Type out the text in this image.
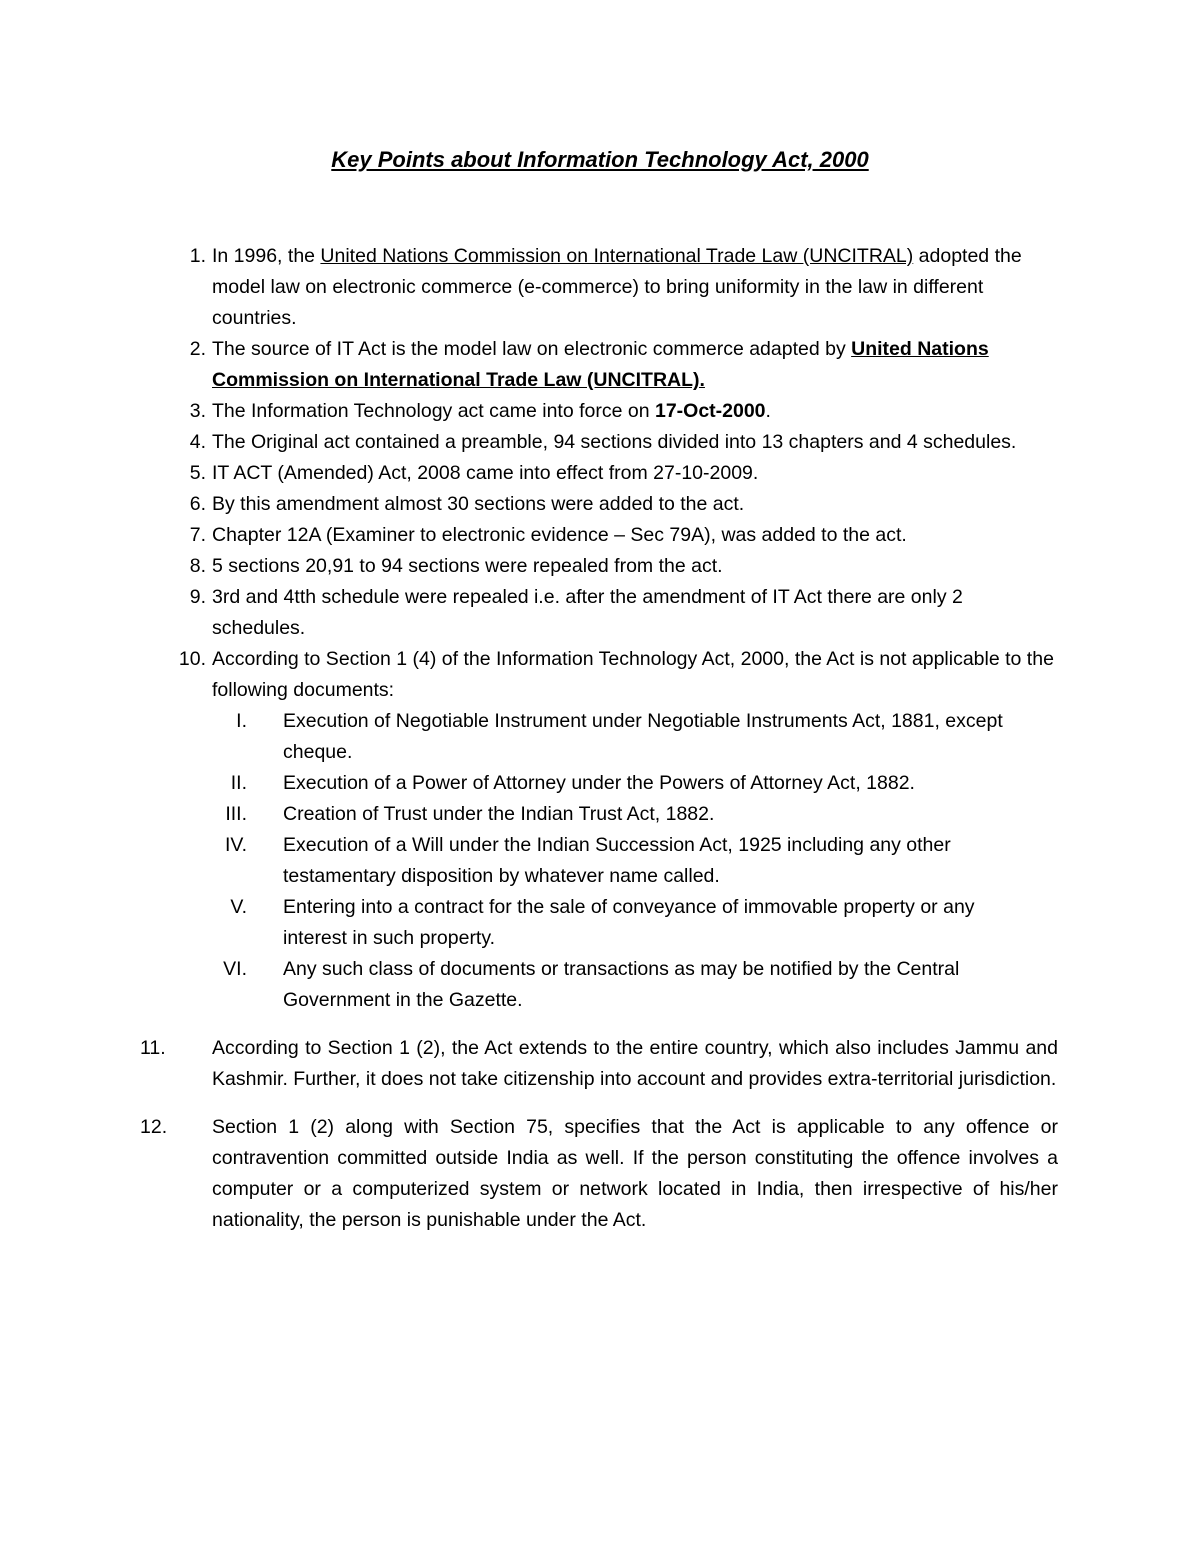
Key Points about Information Technology Act, 2000
1. In 1996, the United Nations Commission on International Trade Law (UNCITRAL) adopted the model law on electronic commerce (e-commerce) to bring uniformity in the law in different countries.
2. The source of IT Act is the model law on electronic commerce adapted by United Nations Commission on International Trade Law (UNCITRAL).
3. The Information Technology act came into force on 17-Oct-2000.
4. The Original act contained a preamble, 94 sections divided into 13 chapters and 4 schedules.
5. IT ACT (Amended) Act, 2008 came into effect from 27-10-2009.
6. By this amendment almost 30 sections were added to the act.
7. Chapter 12A (Examiner to electronic evidence – Sec 79A), was added to the act.
8. 5 sections 20,91 to 94 sections were repealed from the act.
9. 3rd and 4tth schedule were repealed i.e. after the amendment of IT Act there are only 2 schedules.
10. According to Section 1 (4) of the Information Technology Act, 2000, the Act is not applicable to the following documents:
I. Execution of Negotiable Instrument under Negotiable Instruments Act, 1881, except cheque.
II. Execution of a Power of Attorney under the Powers of Attorney Act, 1882.
III. Creation of Trust under the Indian Trust Act, 1882.
IV. Execution of a Will under the Indian Succession Act, 1925 including any other testamentary disposition by whatever name called.
V. Entering into a contract for the sale of conveyance of immovable property or any interest in such property.
VI. Any such class of documents or transactions as may be notified by the Central Government in the Gazette.
11.	According to Section 1 (2), the Act extends to the entire country, which also includes Jammu and Kashmir. Further, it does not take citizenship into account and provides extra-territorial jurisdiction.
12.	Section 1 (2) along with Section 75, specifies that the Act is applicable to any offence or contravention committed outside India as well. If the person constituting the offence involves a computer or a computerized system or network located in India, then irrespective of his/her nationality, the person is punishable under the Act.
